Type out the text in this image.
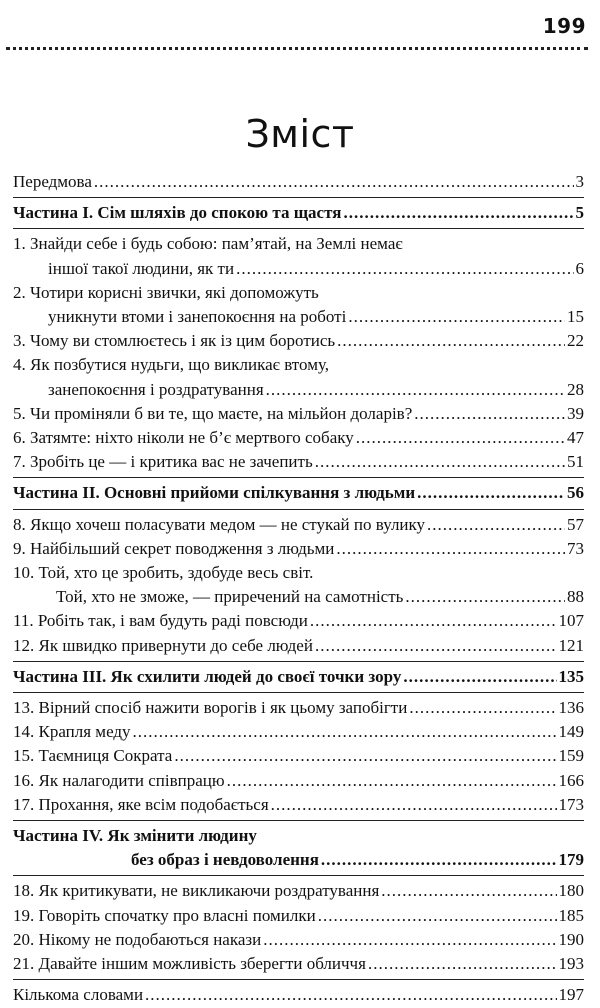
199
Зміст
Передмова .....	3
Частина I. Сім шляхів до спокою та щастя .....	5
1. Знайди себе і будь собою: пам’ятай, на Землі немає
іншої такої людини, як ти .....	6
2. Чотири корисні звички, які допоможуть
уникнути втоми і занепокоєння на роботі .....	15
3. Чому ви стомлюєтесь і як із цим боротись .....	22
4. Як позбутися нудьги, що викликає втому,
занепокоєння і роздратування .....	28
5. Чи проміняли б ви те, що маєте, на мільйон доларів? .....	39
6. Затямте: ніхто ніколи не б’є мертвого собаку .....	47
7. Зробіть це — і критика вас не зачепить .....	51
Частина II. Основні прийоми спілкування з людьми .....	56
8. Якщо хочеш поласувати медом — не стукай по вулику .....	57
9. Найбільший секрет поводження з людьми .....	73
10. Той, хто це зробить, здобуде весь світ.
Той, хто не зможе, — приречений на самотність .....	88
11. Робіть так, і вам будуть раді повсюди .....	107
12. Як швидко привернути до себе людей .....	121
Частина III. Як схилити людей до своєї точки зору .....	135
13. Вірний спосіб нажити ворогів і як цьому запобігти .....	136
14. Крапля меду .....	149
15. Таємниця Сократа .....	159
16. Як налагодити співпрацю .....	166
17. Прохання, яке всім подобається .....	173
Частина IV. Як змінити людину
без образ і невдоволення .....	179
18. Як критикувати, не викликаючи роздратування .....	180
19. Говоріть спочатку про власні помилки .....	185
20. Нікому не подобаються накази .....	190
21. Давайте іншим можливість зберегти обличчя .....	193
Кількома словами .....	197
